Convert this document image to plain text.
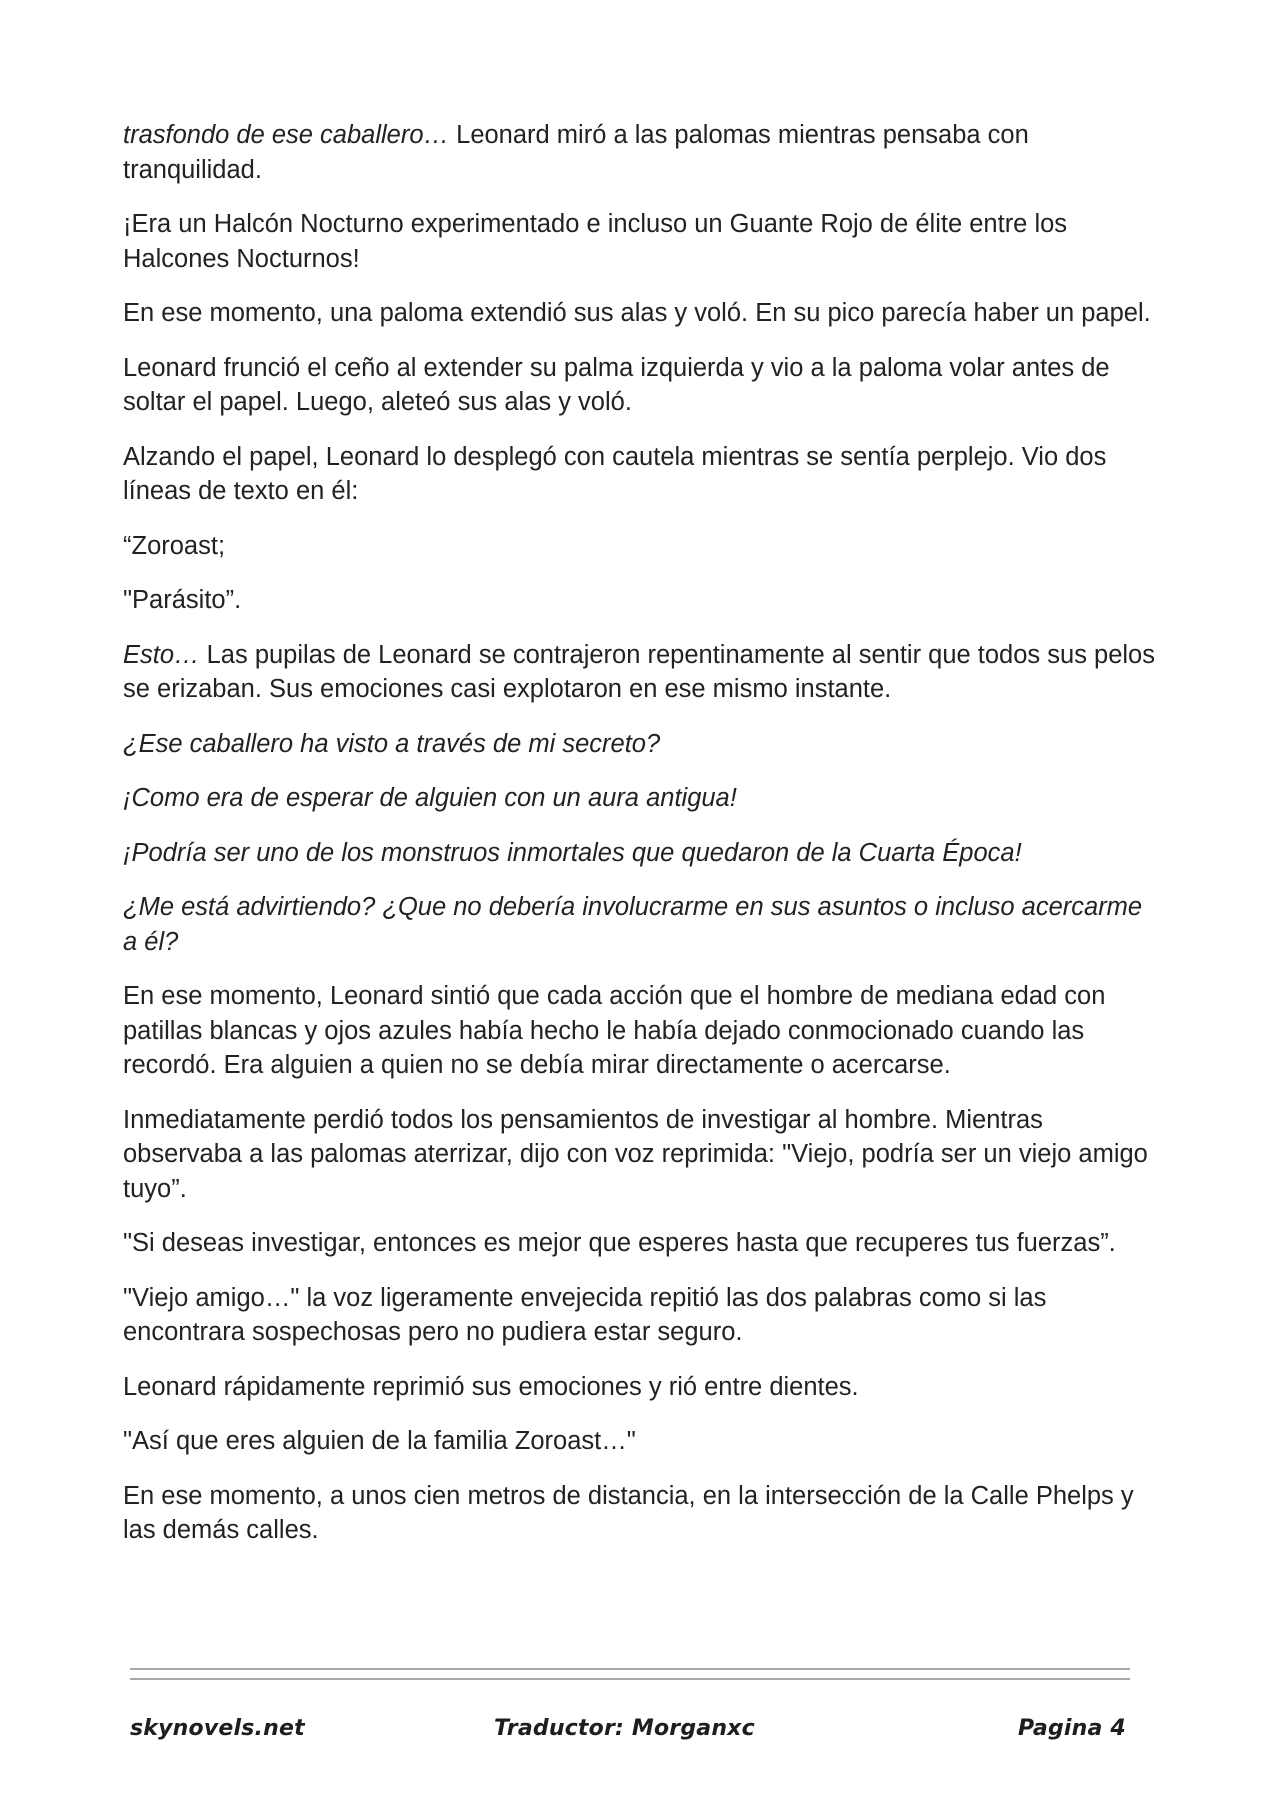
trasfondo de ese caballero… Leonard miró a las palomas mientras pensaba con tranquilidad.

¡Era un Halcón Nocturno experimentado e incluso un Guante Rojo de élite entre los Halcones Nocturnos!

En ese momento, una paloma extendió sus alas y voló. En su pico parecía haber un papel.

Leonard frunció el ceño al extender su palma izquierda y vio a la paloma volar antes de soltar el papel. Luego, aleteó sus alas y voló.

Alzando el papel, Leonard lo desplegó con cautela mientras se sentía perplejo. Vio dos líneas de texto en él:

“Zoroast;

"Parásito”.

Esto… Las pupilas de Leonard se contrajeron repentinamente al sentir que todos sus pelos se erizaban. Sus emociones casi explotaron en ese mismo instante.

¿Ese caballero ha visto a través de mi secreto?

¡Como era de esperar de alguien con un aura antigua!

¡Podría ser uno de los monstruos inmortales que quedaron de la Cuarta Época!

¿Me está advirtiendo? ¿Que no debería involucrarme en sus asuntos o incluso acercarme a él?

En ese momento, Leonard sintió que cada acción que el hombre de mediana edad con patillas blancas y ojos azules había hecho le había dejado conmocionado cuando las recordó. Era alguien a quien no se debía mirar directamente o acercarse.

Inmediatamente perdió todos los pensamientos de investigar al hombre. Mientras observaba a las palomas aterrizar, dijo con voz reprimida: "Viejo, podría ser un viejo amigo tuyo”.

"Si deseas investigar, entonces es mejor que esperes hasta que recuperes tus fuerzas”.

"Viejo amigo…" la voz ligeramente envejecida repitió las dos palabras como si las encontrara sospechosas pero no pudiera estar seguro.

Leonard rápidamente reprimió sus emociones y rió entre dientes.

"Así que eres alguien de la familia Zoroast…"

En ese momento, a unos cien metros de distancia, en la intersección de la Calle Phelps y las demás calles.

skynovels.net	Traductor: Morganxc	Pagina 4
